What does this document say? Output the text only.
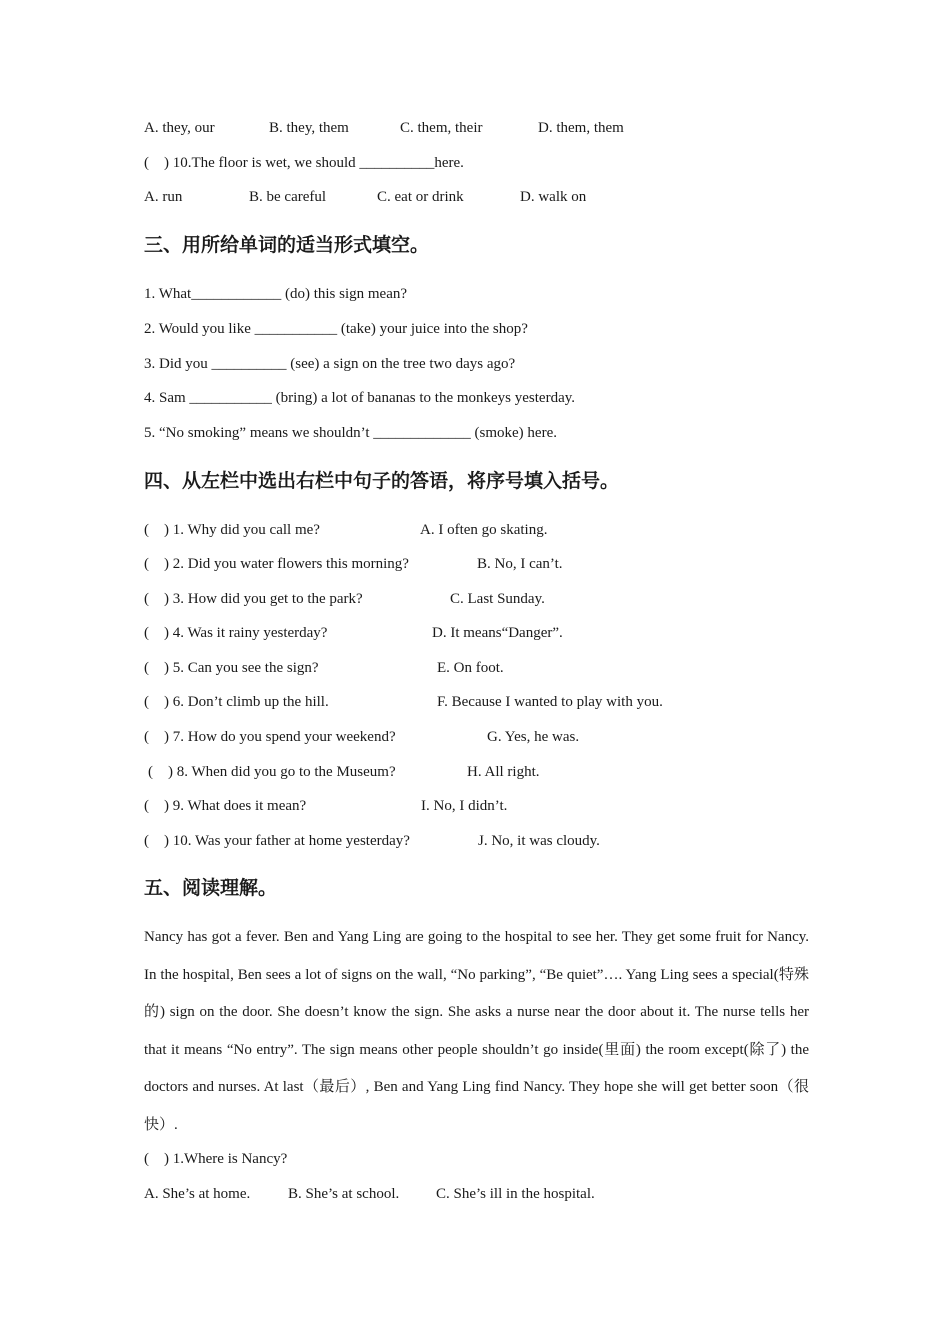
A. they, our	B. they, them	C. them, their	D. them, them
(    ) 10.The floor is wet, we should __________here.
A. run	B. be careful	C. eat or drink	D. walk on
三、用所给单词的适当形式填空。
1. What____________ (do) this sign mean?
2. Would you like ___________ (take) your juice into the shop?
3. Did you __________ (see) a sign on the tree two days ago?
4. Sam ___________ (bring) a lot of bananas to the monkeys yesterday.
5. “No smoking” means we shouldn’t _____________ (smoke) here.
四、从左栏中选出右栏中句子的答语，将序号填入括号。
(    ) 1. Why did you call me?	A. I often go skating.
(    ) 2. Did you water flowers this morning?	B. No, I can’t.
(    ) 3. How did you get to the park?	C. Last Sunday.
(    ) 4. Was it rainy yesterday?	D. It means“Danger”.
(    ) 5. Can you see the sign?	E. On foot.
(    ) 6. Don’t climb up the hill.	F. Because I wanted to play with you.
(    ) 7. How do you spend your weekend?	G. Yes, he was.
(    ) 8. When did you go to the Museum?	H. All right.
(    ) 9. What does it mean?	I. No, I didn’t.
(    ) 10. Was your father at home yesterday?	J. No, it was cloudy.
五、阅读理解。
Nancy has got a fever. Ben and Yang Ling are going to the hospital to see her. They get some fruit for Nancy. In the hospital, Ben sees a lot of signs on the wall, “No parking”, “Be quiet”…. Yang Ling sees a special(特殊的) sign on the door. She doesn’t know the sign. She asks a nurse near the door about it. The nurse tells her that it means “No entry”. The sign means other people shouldn’t go inside(里面) the room except(除了) the doctors and nurses. At last（最后）, Ben and Yang Ling find Nancy. They hope she will get better soon（很快）.
(    ) 1.Where is Nancy?
A. She’s at home.	B. She’s at school. C. She’s ill in the hospital.
